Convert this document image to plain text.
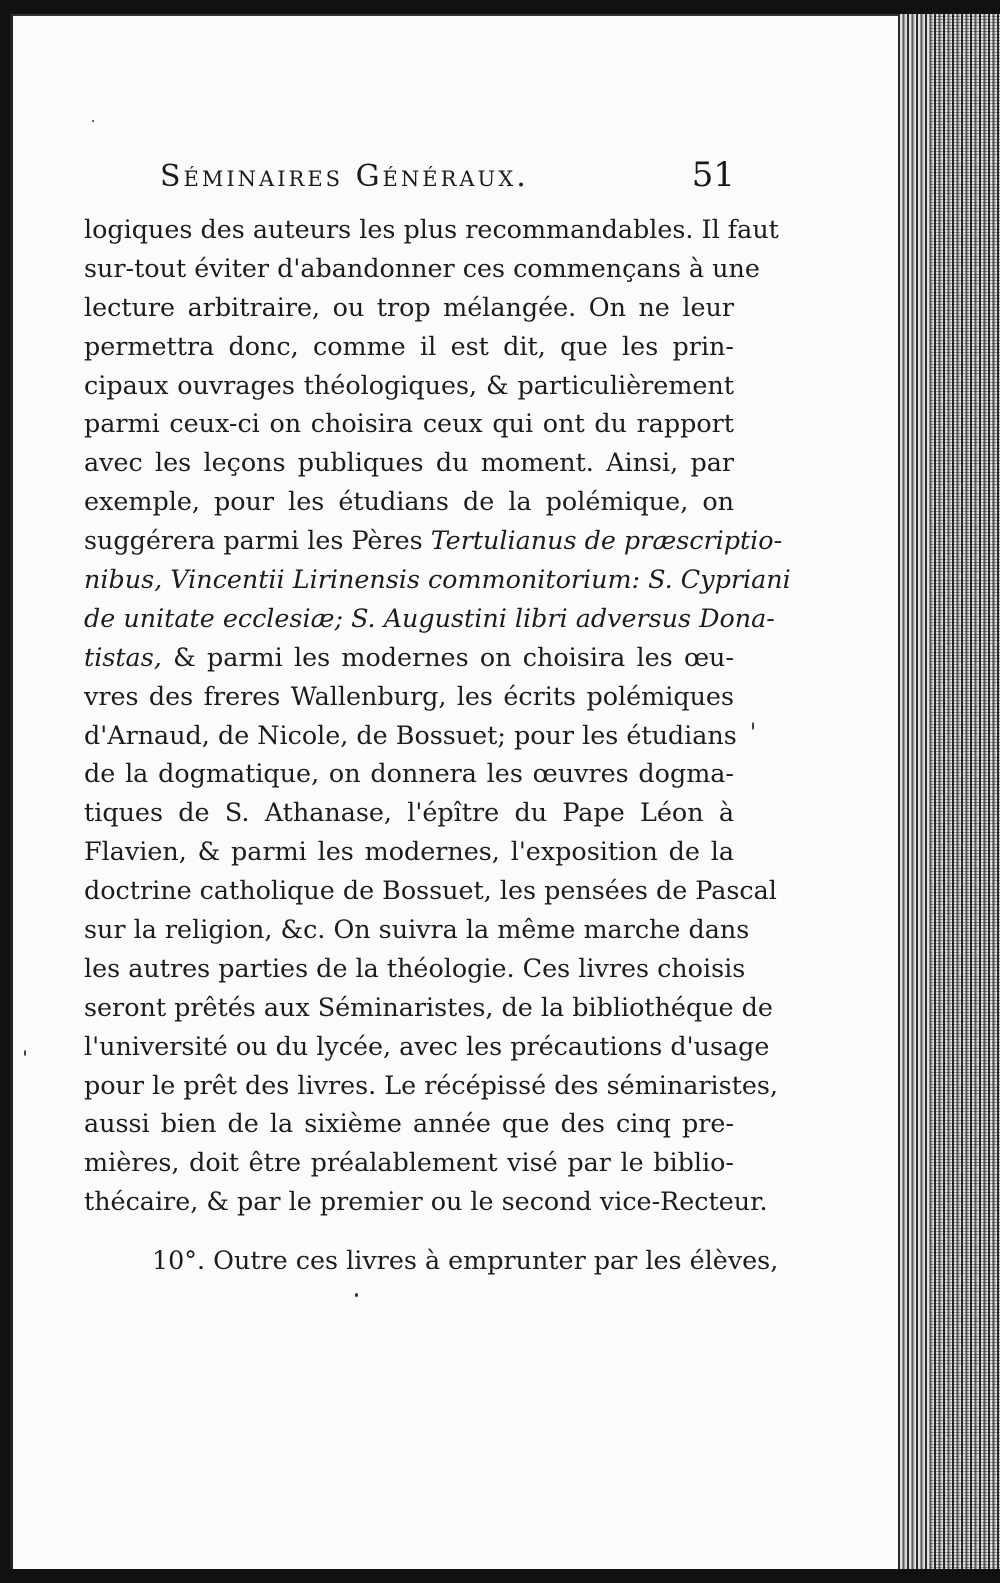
Séminaires Généraux.	51
logiques des auteurs les plus recommandables. Il faut
sur-tout éviter d'abandonner ces commençans à une
lecture arbitraire, ou trop mélangée. On ne leur
permettra donc, comme il est dit, que les prin-
cipaux ouvrages théologiques, & particulièrement
parmi ceux-ci on choisira ceux qui ont du rapport
avec les leçons publiques du moment. Ainsi, par
exemple, pour les étudians de la polémique, on
suggérera parmi les Pères Tertulianus de præscriptio-
nibus, Vincentii Lirinensis commonitorium: S. Cypriani
de unitate ecclesiæ; S. Augustini libri adversus Dona-
tistas, & parmi les modernes on choisira les œu-
vres des freres Wallenburg, les écrits polémiques
d'Arnaud, de Nicole, de Bossuet; pour les étudians
de la dogmatique, on donnera les œuvres dogma-
tiques de S. Athanase, l'épître du Pape Léon à
Flavien, & parmi les modernes, l'exposition de la
doctrine catholique de Bossuet, les pensées de Pascal
sur la religion, &c. On suivra la même marche dans
les autres parties de la théologie. Ces livres choisis
seront prêtés aux Séminaristes, de la bibliothéque de
l'université ou du lycée, avec les précautions d'usage
pour le prêt des livres. Le récépissé des séminaristes,
aussi bien de la sixième année que des cinq pre-
mières, doit être préalablement visé par le biblio-
thécaire, & par le premier ou le second vice-Recteur.
10°. Outre ces livres à emprunter par les élèves,
